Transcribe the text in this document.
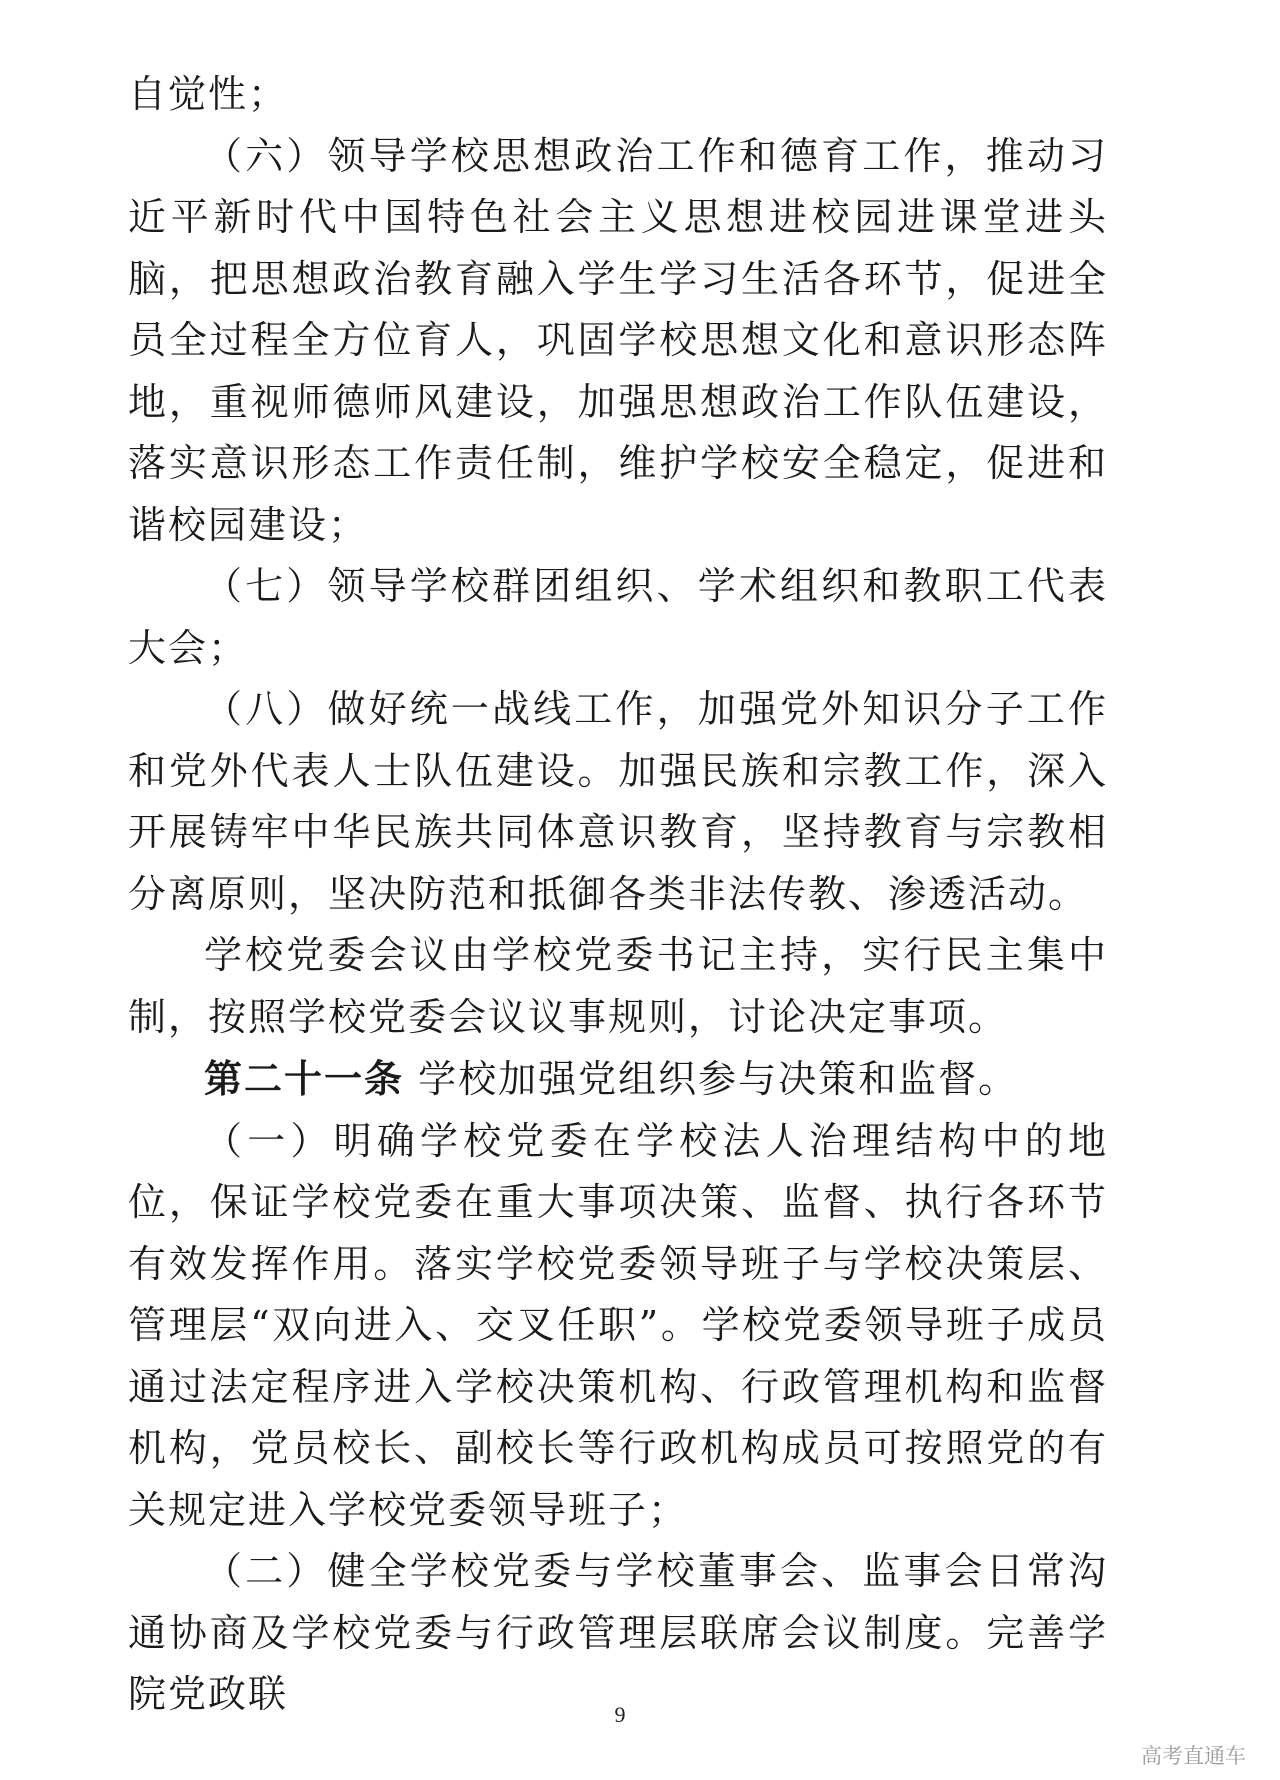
自觉性；

（六）领导学校思想政治工作和德育工作，推动习近平新时代中国特色社会主义思想进校园进课堂进头脑，把思想政治教育融入学生学习生活各环节，促进全员全过程全方位育人，巩固学校思想文化和意识形态阵地，重视师德师风建设，加强思想政治工作队伍建设，落实意识形态工作责任制，维护学校安全稳定，促进和谐校园建设；

（七）领导学校群团组织、学术组织和教职工代表大会；

（八）做好统一战线工作，加强党外知识分子工作和党外代表人士队伍建设。加强民族和宗教工作，深入开展铸牢中华民族共同体意识教育，坚持教育与宗教相分离原则，坚决防范和抵御各类非法传教、渗透活动。

学校党委会议由学校党委书记主持，实行民主集中制，按照学校党委会议议事规则，讨论决定事项。

第二十一条 学校加强党组织参与决策和监督。

（一）明确学校党委在学校法人治理结构中的地位，保证学校党委在重大事项决策、监督、执行各环节有效发挥作用。落实学校党委领导班子与学校决策层、管理层“双向进入、交叉任职”。学校党委领导班子成员通过法定程序进入学校决策机构、行政管理机构和监督机构，党员校长、副校长等行政机构成员可按照党的有关规定进入学校党委领导班子；

（二）健全学校党委与学校董事会、监事会日常沟通协商及学校党委与行政管理层联席会议制度。完善学院党政联	9
高考直通车
